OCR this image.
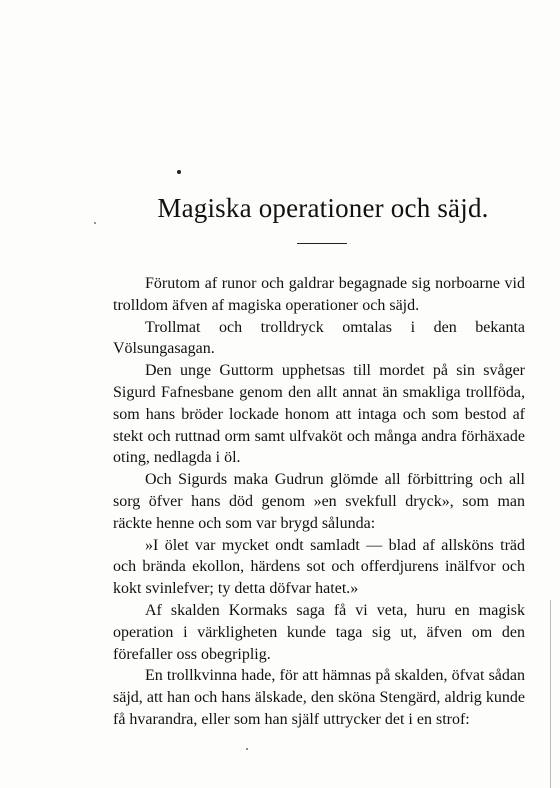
Magiska operationer och säjd.

Förutom af runor och galdrar begagnade sig norboarne vid trolldom äfven af magiska operationer och säjd.

Trollmat och trolldryck omtalas i den bekanta Völsungasagan.

Den unge Guttorm upphetsas till mordet på sin svåger Sigurd Fafnesbane genom den allt annat än smakliga trollföda, som hans bröder lockade honom att intaga och som bestod af stekt och ruttnad orm samt ulfvaköt och många andra förhäxade oting, nedlagda i öl.

Och Sigurds maka Gudrun glömde all förbittring och all sorg öfver hans död genom »en svekfull dryck», som man räckte henne och som var brygd sålunda:

»I ölet var mycket ondt samladt — blad af allsköns träd och brända ekollon, härdens sot och offerdjurens inälfvor och kokt svinlefver; ty detta döfvar hatet.»

Af skalden Kormaks saga få vi veta, huru en magisk operation i värkligheten kunde taga sig ut, äfven om den förefaller oss obegriplig.

En trollkvinna hade, för att hämnas på skalden, öfvat sådan säjd, att han och hans älskade, den sköna Stengärd, aldrig kunde få hvarandra, eller som han själf uttrycker det i en strof:
